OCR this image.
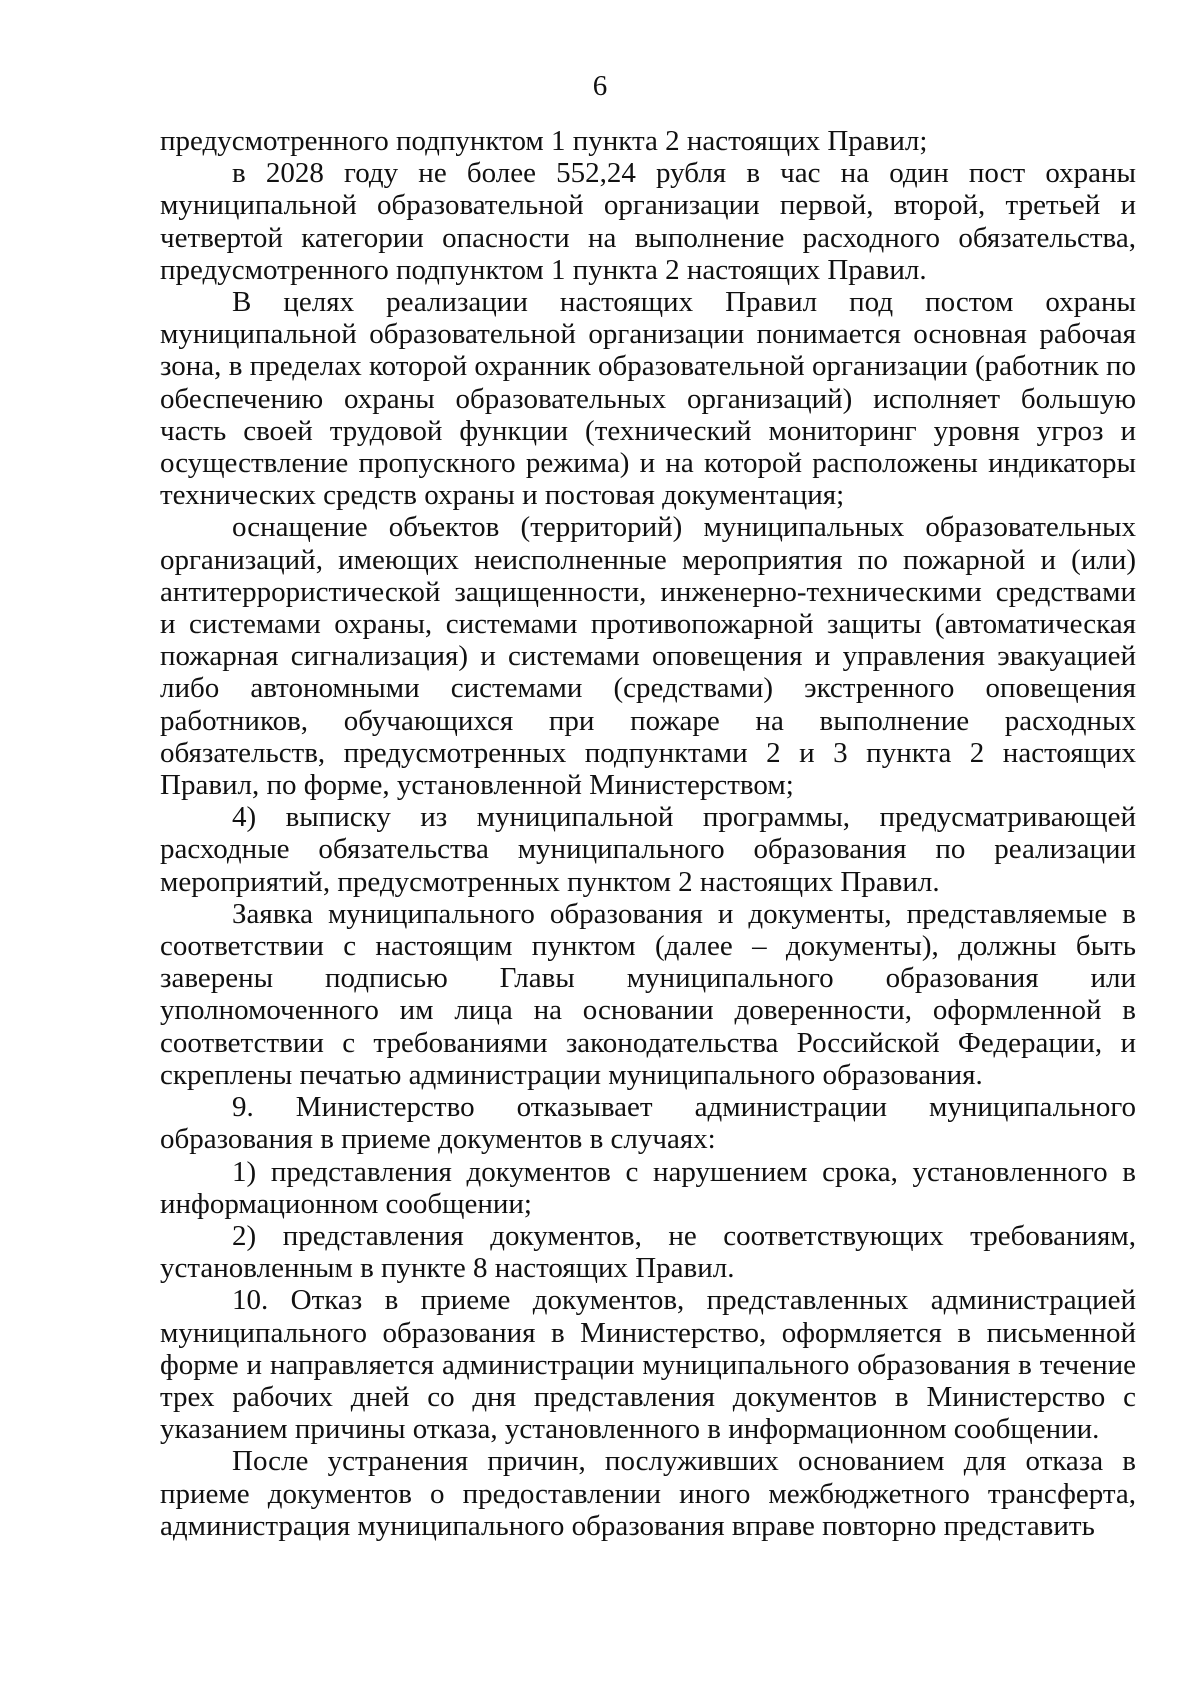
6

предусмотренного подпунктом 1 пункта 2 настоящих Правил;

в 2028 году не более 552,24 рубля в час на один пост охраны муниципальной образовательной организации первой, второй, третьей и четвертой категории опасности на выполнение расходного обязательства, предусмотренного подпунктом 1 пункта 2 настоящих Правил.

В целях реализации настоящих Правил под постом охраны муниципальной образовательной организации понимается основная рабочая зона, в пределах которой охранник образовательной организации (работник по обеспечению охраны образовательных организаций) исполняет большую часть своей трудовой функции (технический мониторинг уровня угроз и осуществление пропускного режима) и на которой расположены индикаторы технических средств охраны и постовая документация;

оснащение объектов (территорий) муниципальных образовательных организаций, имеющих неисполненные мероприятия по пожарной и (или) антитеррористической защищенности, инженерно-техническими средствами и системами охраны, системами противопожарной защиты (автоматическая пожарная сигнализация) и системами оповещения и управления эвакуацией либо автономными системами (средствами) экстренного оповещения работников, обучающихся при пожаре на выполнение расходных обязательств, предусмотренных подпунктами 2 и 3 пункта 2 настоящих Правил, по форме, установленной Министерством;

4) выписку из муниципальной программы, предусматривающей расходные обязательства муниципального образования по реализации мероприятий, предусмотренных пунктом 2 настоящих Правил.

Заявка муниципального образования и документы, представляемые в соответствии с настоящим пунктом (далее – документы), должны быть заверены подписью Главы муниципального образования или уполномоченного им лица на основании доверенности, оформленной в соответствии с требованиями законодательства Российской Федерации, и скреплены печатью администрации муниципального образования.

9. Министерство отказывает администрации муниципального образования в приеме документов в случаях:

1) представления документов с нарушением срока, установленного в информационном сообщении;

2) представления документов, не соответствующих требованиям, установленным в пункте 8 настоящих Правил.

10. Отказ в приеме документов, представленных администрацией муниципального образования в Министерство, оформляется в письменной форме и направляется администрации муниципального образования в течение трех рабочих дней со дня представления документов в Министерство с указанием причины отказа, установленного в информационном сообщении.

После устранения причин, послуживших основанием для отказа в приеме документов о предоставлении иного межбюджетного трансферта, администрация муниципального образования вправе повторно представить
